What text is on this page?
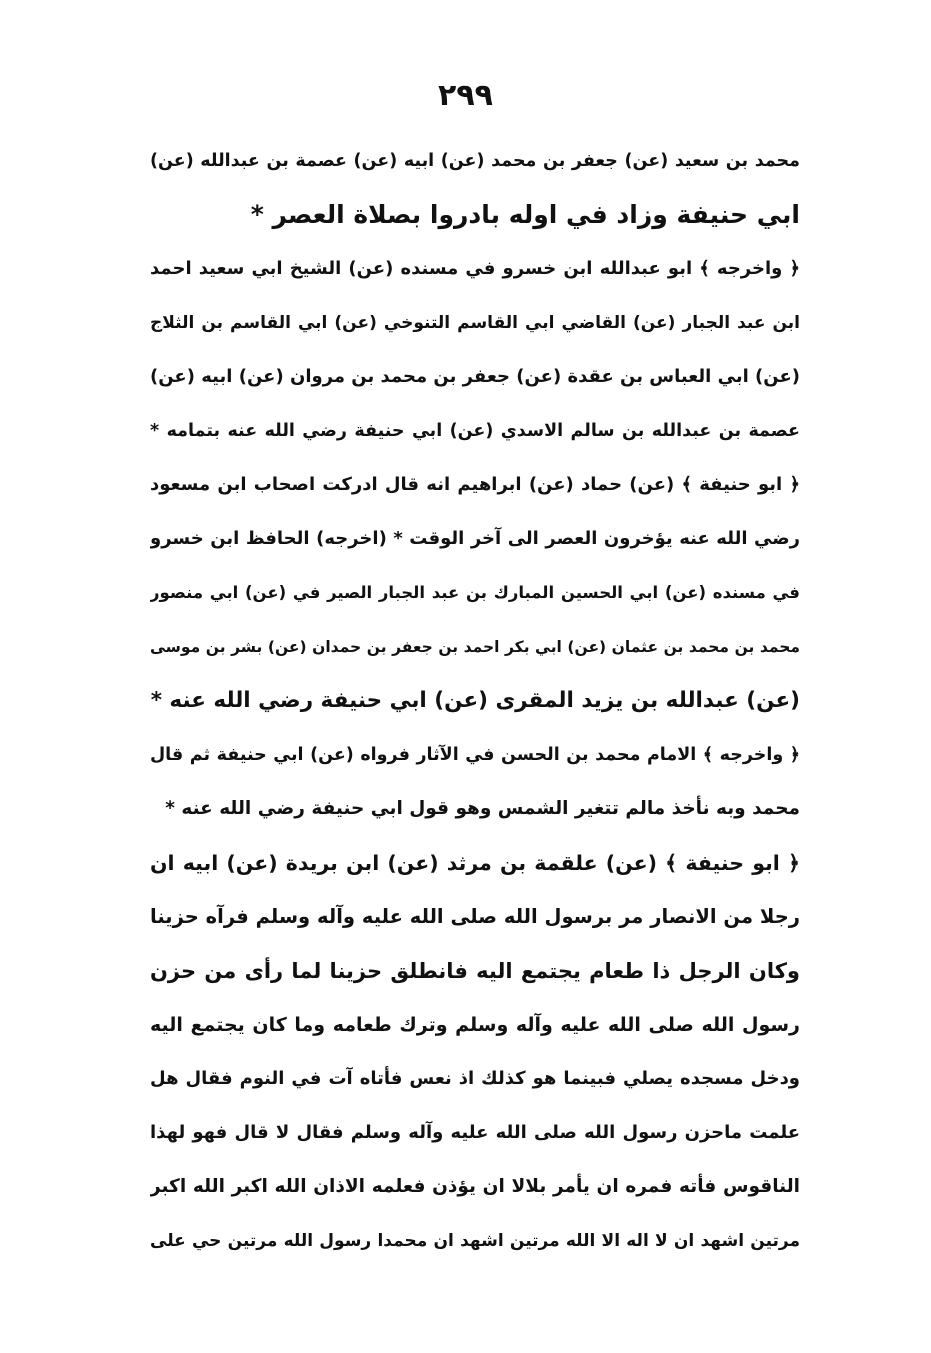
٢٩٩
محمد بن سعيد (عن) جعفر بن محمد (عن) ابيه (عن) عصمة بن عبدالله (عن)
ابي حنيفة وزاد في اوله بادروا بصلاة العصر *
﴿ واخرجه ﴾ ابو عبدالله ابن خسرو في مسنده (عن) الشيخ ابي سعيد احمد
ابن عبد الجبار (عن) القاضي ابي القاسم التنوخي (عن) ابي القاسم بن الثلاج
(عن) ابي العباس بن عقدة (عن) جعفر بن محمد بن مروان (عن) ابيه (عن)
عصمة بن عبدالله بن سالم الاسدي (عن) ابي حنيفة رضي الله عنه بتمامه *
﴿ ابو حنيفة ﴾ (عن) حماد (عن) ابراهيم انه قال ادركت اصحاب ابن مسعود
رضي الله عنه يؤخرون العصر الى آخر الوقت * (اخرجه) الحافظ ابن خسرو
في مسنده (عن) ابي الحسين المبارك بن عبد الجبار الصير في (عن) ابي منصور
محمد بن محمد بن عثمان (عن) ابي بكر احمد بن جعفر بن حمدان (عن) بشر بن موسى
(عن) عبدالله بن يزيد المقرى (عن) ابي حنيفة رضي الله عنه *
﴿ واخرجه ﴾ الامام محمد بن الحسن في الآثار فرواه (عن) ابي حنيفة ثم قال
محمد وبه نأخذ مالم تتغير الشمس وهو قول ابي حنيفة رضي الله عنه *
﴿ ابو حنيفة ﴾ (عن) علقمة بن مرثد (عن) ابن بريدة (عن) ابيه ان
رجلا من الانصار مر برسول الله صلى الله عليه وآله وسلم فرآه حزينا
وكان الرجل ذا طعام يجتمع اليه فانطلق حزينا لما رأى من حزن
رسول الله صلى الله عليه وآله وسلم وترك طعامه وما كان يجتمع اليه
ودخل مسجده يصلي فبينما هو كذلك اذ نعس فأتاه آت في النوم فقال هل
علمت ماحزن رسول الله صلى الله عليه وآله وسلم فقال لا قال فهو لهذا
الناقوس فأته فمره ان يأمر بلالا ان يؤذن فعلمه الاذان الله اكبر الله اكبر
مرتين اشهد ان لا اله الا الله مرتين اشهد ان محمدا رسول الله مرتين حي على
